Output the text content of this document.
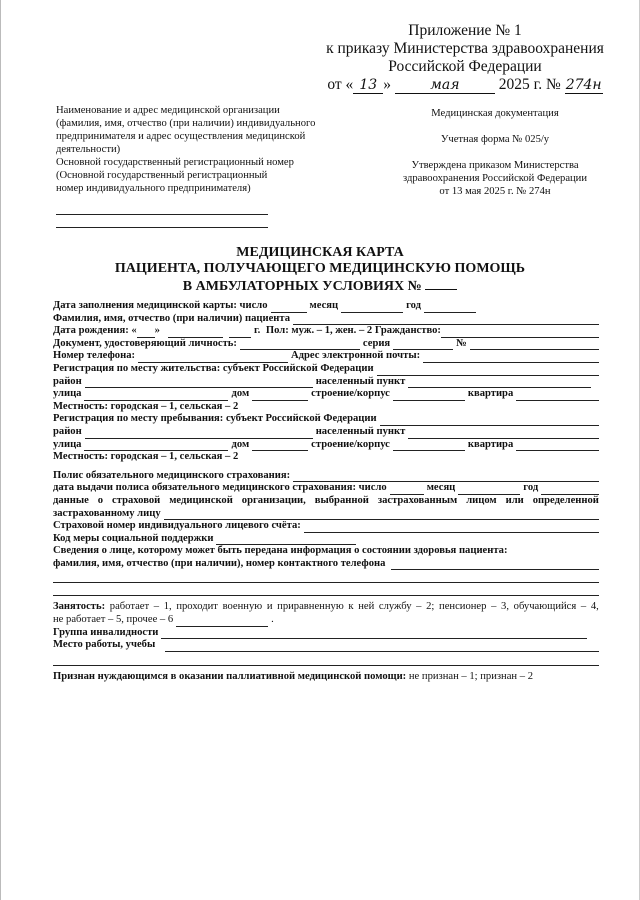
Приложение № 1
к приказу Министерства здравоохранения
Российской Федерации
от « 13 »	мая	2025 г. № 274н
Наименование и адрес медицинской организации
(фамилия, имя, отчество (при наличии) индивидуального
предпринимателя и адрес осуществления медицинской
деятельности)
Основной государственный регистрационный номер
(Основной государственный регистрационный
номер индивидуального предпринимателя)

Медицинская документация

Учетная форма № 025/у

Утверждена приказом Министерства
здравоохранения Российской Федерации
от 13 мая 2025 г. № 274н

МЕДИЦИНСКАЯ КАРТА
ПАЦИЕНТА, ПОЛУЧАЮЩЕГО МЕДИЦИНСКУЮ ПОМОЩЬ
В АМБУЛАТОРНЫХ УСЛОВИЯХ №
Дата заполнения медицинской карты: число	месяц	год
Фамилия, имя, отчество (при наличии) пациента
Дата рождения: « »	г.
Пол: муж. – 1, жен. – 2
Гражданство:
Документ, удостоверяющий личность:	серия	№
Номер телефона:	Адрес электронной почты:
Регистрация по месту жительства: субъект Российской Федерации
район	населенный пункт
улица	дом	строение/корпус	квартира
Местность: городская – 1, сельская – 2
Регистрация по месту пребывания: субъект Российской Федерации
район	населенный пункт
улица	дом	строение/корпус	квартира
Местность: городская – 1, сельская – 2
Полис обязательного медицинского страхования:
дата выдачи полиса обязательного медицинского страхования: число	месяц	год
данные о страховой медицинской организации, выбранной застрахованным лицом или определенной
застрахованному лицу
Страховой номер индивидуального лицевого счёта:
Код меры социальной поддержки
Сведения о лице, которому может быть передана информация о состоянии здоровья пациента:
фамилия, имя, отчество (при наличии), номер контактного телефона
Занятость: работает – 1, проходит военную и приравненную к ней службу – 2; пенсионер – 3, обучающийся – 4,
не работает – 5, прочее – 6	.
Группа инвалидности
Место работы, учебы
Признан нуждающимся в оказании паллиативной медицинской помощи:
не признан – 1; признан – 2
